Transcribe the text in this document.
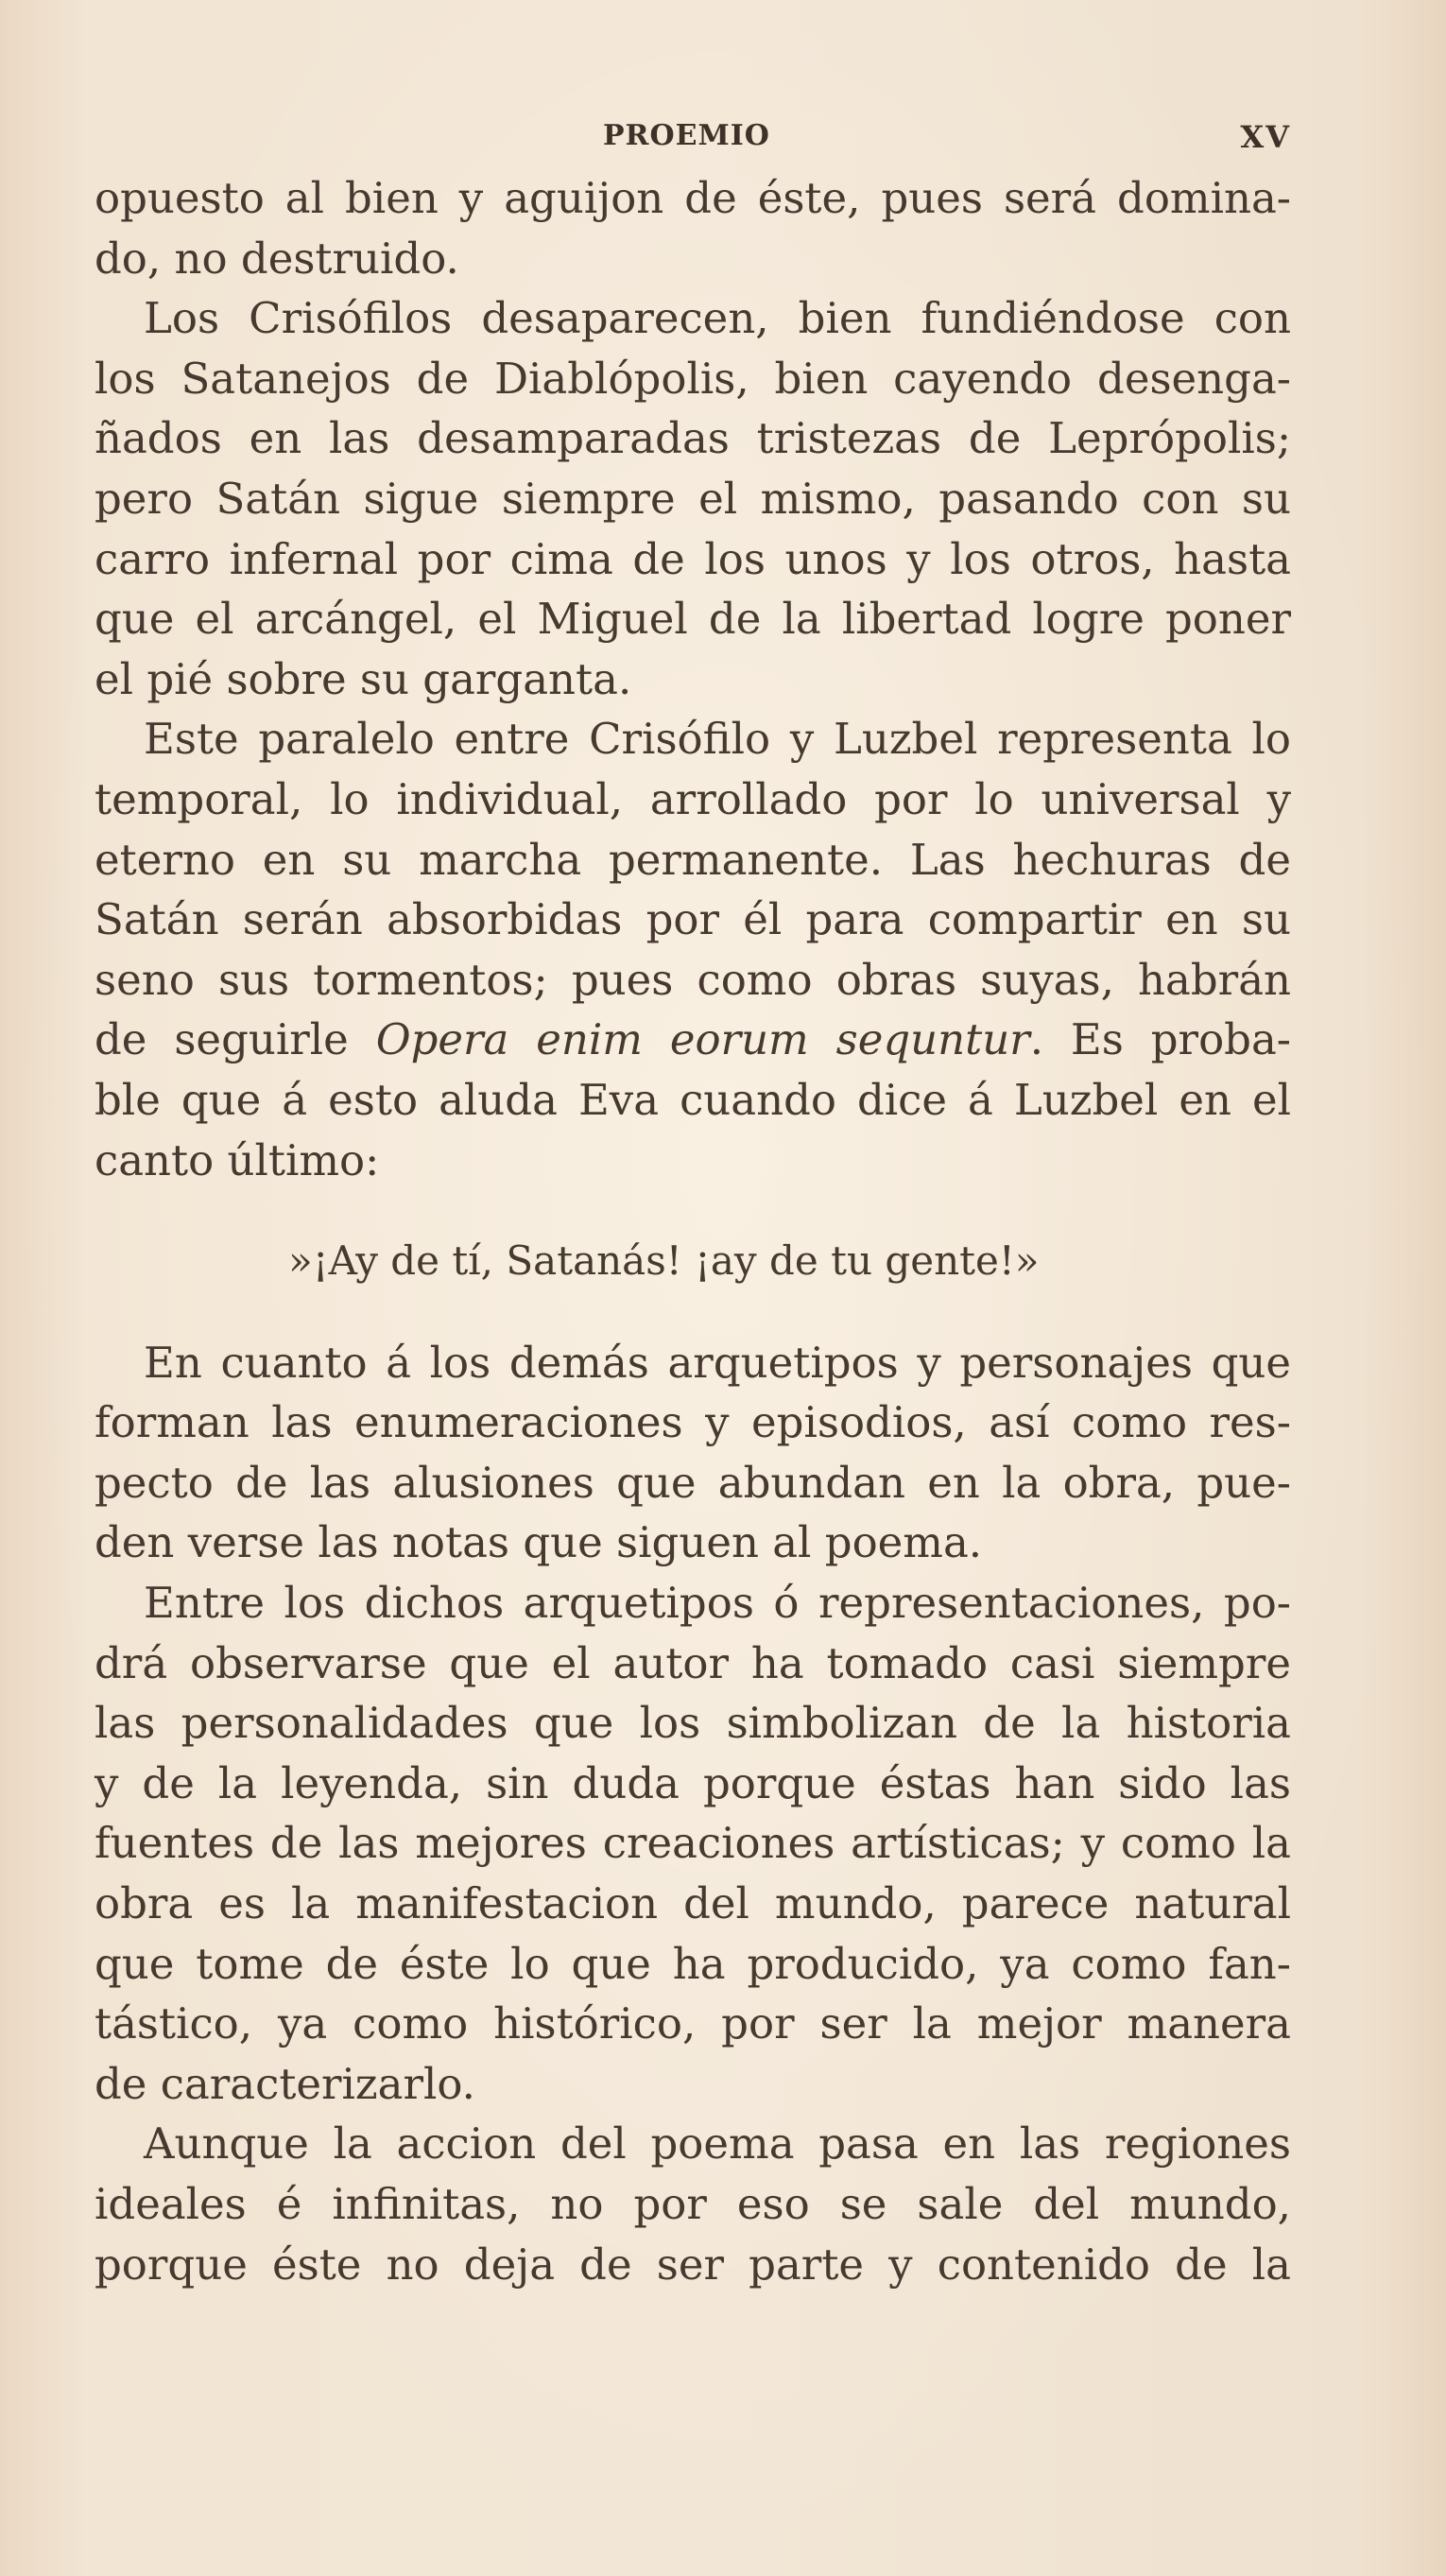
PROEMIO	XV
opuesto al bien y aguijon de éste, pues será domina-
do, no destruido.
Los Crisófilos desaparecen, bien fundiéndose con
los Satanejos de Diablópolis, bien cayendo desenga-
ñados en las desamparadas tristezas de Leprópolis;
pero Satán sigue siempre el mismo, pasando con su
carro infernal por cima de los unos y los otros, hasta
que el arcángel, el Miguel de la libertad logre poner
el pié sobre su garganta.
Este paralelo entre Crisófilo y Luzbel representa lo
temporal, lo individual, arrollado por lo universal y
eterno en su marcha permanente. Las hechuras de
Satán serán absorbidas por él para compartir en su
seno sus tormentos; pues como obras suyas, habrán
de seguirle Opera enim eorum sequntur. Es proba-
ble que á esto aluda Eva cuando dice á Luzbel en el
canto último:
»¡Ay de tí, Satanás! ¡ay de tu gente!»
En cuanto á los demás arquetipos y personajes que
forman las enumeraciones y episodios, así como res-
pecto de las alusiones que abundan en la obra, pue-
den verse las notas que siguen al poema.
Entre los dichos arquetipos ó representaciones, po-
drá observarse que el autor ha tomado casi siempre
las personalidades que los simbolizan de la historia
y de la leyenda, sin duda porque éstas han sido las
fuentes de las mejores creaciones artísticas; y como la
obra es la manifestacion del mundo, parece natural
que tome de éste lo que ha producido, ya como fan-
tástico, ya como histórico, por ser la mejor manera
de caracterizarlo.
Aunque la accion del poema pasa en las regiones
ideales é infinitas, no por eso se sale del mundo,
porque éste no deja de ser parte y contenido de la
